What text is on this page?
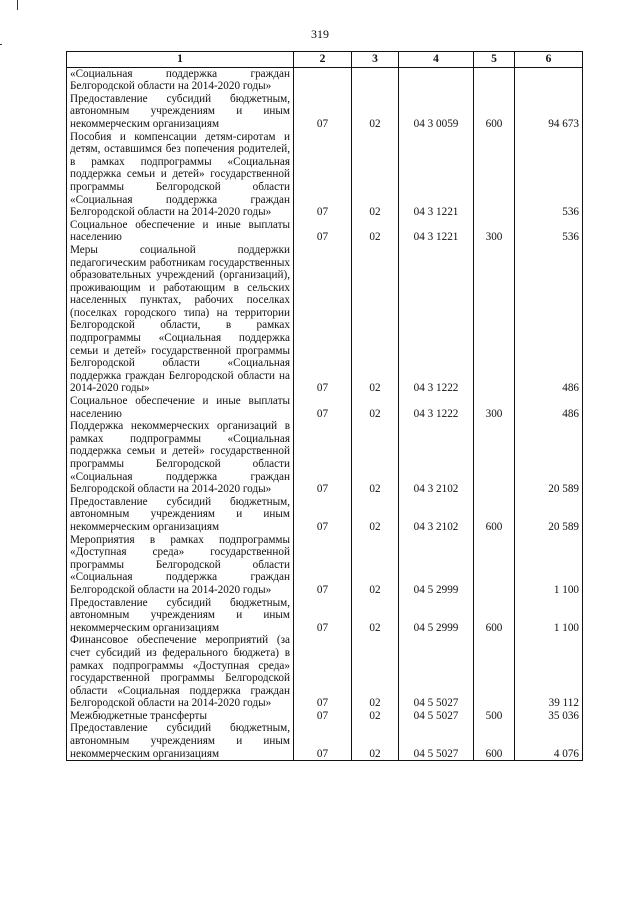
319
1	2	3	4	5	6
«Социальная поддержка граждан Белгородской области на 2014-2020 годы»					
Предоставление субсидий бюджетным, автономным учреждениям и иным некоммерческим организациям	07	02	04 3 0059	600	94 673
Пособия и компенсации детям-сиротам и детям, оставшимся без попечения родителей, в рамках подпрограммы «Социальная поддержка семьи и детей» государственной программы Белгородской области «Социальная поддержка граждан Белгородской области на 2014-2020 годы»	07	02	04 3 1221		536
Социальное обеспечение и иные выплаты населению	07	02	04 3 1221	300	536
Меры социальной поддержки педагогическим работникам государственных образовательных учреждений (организаций), проживающим и работающим в сельских населенных пунктах, рабочих поселках (поселках городского типа) на территории Белгородской области, в рамках подпрограммы «Социальная поддержка семьи и детей» государственной программы Белгородской области «Социальная поддержка граждан Белгородской области на 2014-2020 годы»	07	02	04 3 1222		486
Социальное обеспечение и иные выплаты населению	07	02	04 3 1222	300	486
Поддержка некоммерческих организаций в рамках подпрограммы «Социальная поддержка семьи и детей» государственной программы Белгородской области «Социальная поддержка граждан Белгородской области на 2014-2020 годы»	07	02	04 3 2102		20 589
Предоставление субсидий бюджетным, автономным учреждениям и иным некоммерческим организациям	07	02	04 3 2102	600	20 589
Мероприятия в рамках подпрограммы «Доступная среда» государственной программы Белгородской области «Социальная поддержка граждан Белгородской области на 2014-2020 годы»	07	02	04 5 2999		1 100
Предоставление субсидий бюджетным, автономным учреждениям и иным некоммерческим организациям	07	02	04 5 2999	600	1 100
Финансовое обеспечение мероприятий (за счет субсидий из федерального бюджета) в рамках подпрограммы «Доступная среда» государственной программы Белгородской области «Социальная поддержка граждан Белгородской области на 2014-2020 годы»	07	02	04 5 5027		39 112
Межбюджетные трансферты	07	02	04 5 5027	500	35 036
Предоставление субсидий бюджетным, автономным учреждениям и иным некоммерческим организациям	07	02	04 5 5027	600	4 076
